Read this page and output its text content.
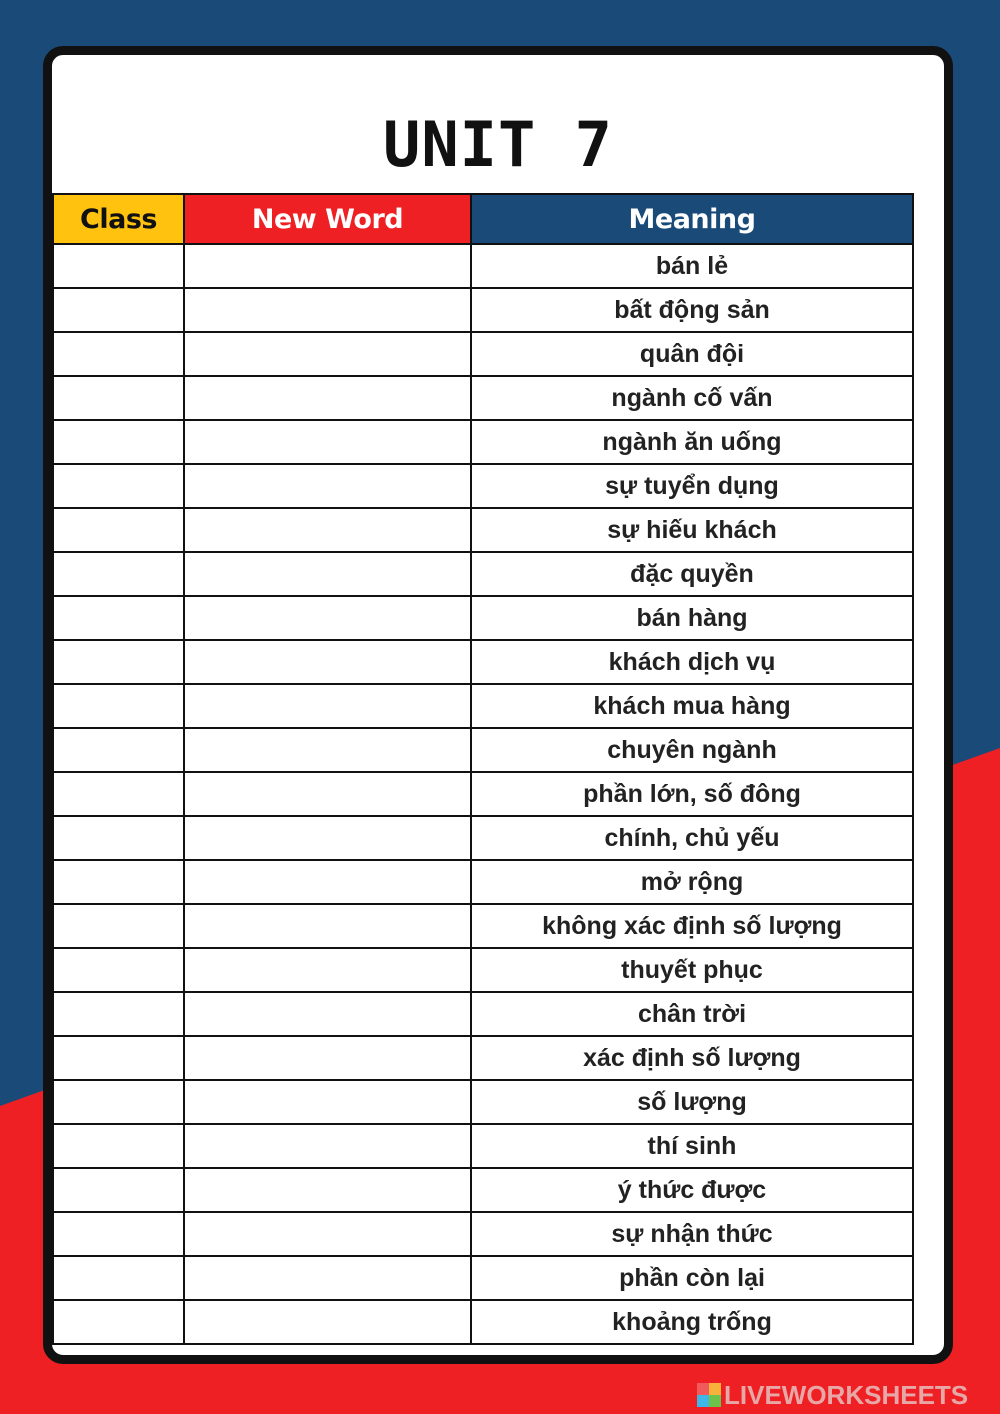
UNIT 7
Class	New Word	Meaning
		bán lẻ
		bất động sản
		quân đội
		ngành cố vấn
		ngành ăn uống
		sự tuyển dụng
		sự hiếu khách
		đặc quyền
		bán hàng
		khách dịch vụ
		khách mua hàng
		chuyên ngành
		phần lớn, số đông
		chính, chủ yếu
		mở rộng
		không xác định số lượng
		thuyết phục
		chân trời
		xác định số lượng
		số lượng
		thí sinh
		ý thức được
		sự nhận thức
		phần còn lại
		khoảng trống
LIVEWORKSHEETS
